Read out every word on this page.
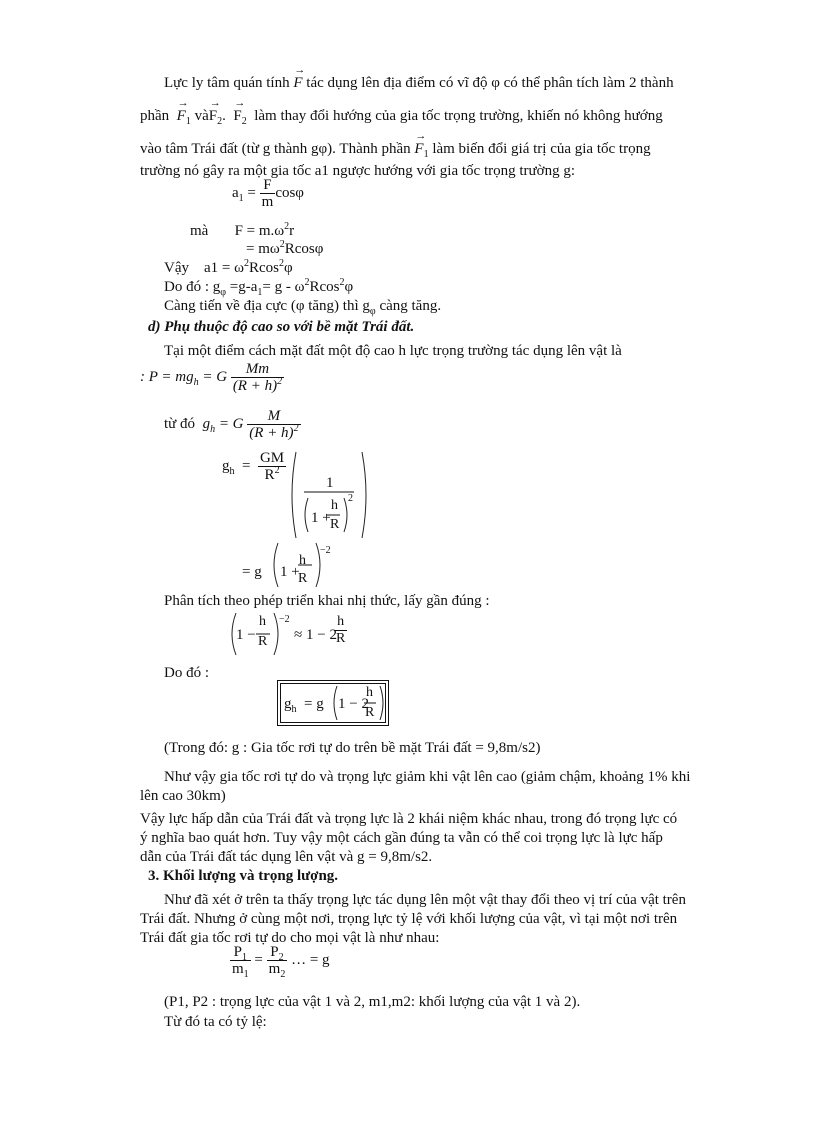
Lực ly tâm quán tính → F tác dụng lên địa điểm có vĩ độ φ có thể phân tích làm 2 thành
phần → $F_1$ và→ $F_2$. → $F_2$ làm thay đổi hướng của gia tốc trọng trường, khiến nó không hướng
vào tâm Trái đất (từ g thành gφ). Thành phần → $F_1$ làm biến đổi giá trị của gia tốc trọng
trường nó gây ra một gia tốc a1 ngược hướng với gia tốc trọng trường g:
$a_1 = \frac{F}{m}$ cosφ
mà $F = m.\omega^2r$
= $m\omega^2Rcos\varphi$
Vậy $a1 = \omega^2Rcos^2\varphi$
Do đó : $g_\varphi =g-a_1= g - \omega^2Rcos^2\varphi$
Càng tiến về địa cực (φ tăng) thì $g_\varphi$ càng tăng.
d) Phụ thuộc độ cao so với bề mặt Trái đất.
Tại một điểm cách mặt đất một độ cao h lực trọng trường tác dụng lên vật là
: $P = mg_h = G \frac{Mm}{(R + h)^2}$
từ đó $g_h = G \frac{M}{(R + h)^2}$
$g_h = \frac{GM}{R^2}$	1
1 +
h
R
2
= g 1 +
h
R
−2
Phân tích theo phép triển khai nhị thức, lấy gần đúng :
1 −
h
R
−2
≈ 1 − 2
$\frac{h}{R}$
Do đó :
$g_h = g$ 1 − 2
h
R
(Trong đó: g : Gia tốc rơi tự do trên bề mặt Trái đất = 9,8m/s2)
Như vậy gia tốc rơi tự do và trọng lực giảm khi vật lên cao (giảm chậm, khoảng 1% khi
lên cao 30km)
Vậy lực hấp dẫn của Trái đất và trọng lực là 2 khái niệm khác nhau, trong đó trọng lực có
ý nghĩa bao quát hơn. Tuy vậy một cách gần đúng ta vẫn có thể coi trọng lực là lực hấp
dẫn của Trái đất tác dụng lên vật và g = 9,8m/s2.
3. Khối lượng và trọng lượng.
Như đã xét ở trên ta thấy trọng lực tác dụng lên một vật thay đổi theo vị trí của vật trên
Trái đất. Nhưng ở cùng một nơi, trọng lực tỷ lệ với khối lượng của vật, vì tại một nơi trên
Trái đất gia tốc rơi tự do cho mọi vật là như nhau:
$\frac{P_1}{m_1} = \frac{P_2}{m_2}$ … = g
(P1, P2 : trọng lực của vật 1 và 2, m1,m2: khối lượng của vật 1 và 2).
Từ đó ta có tỷ lệ:
